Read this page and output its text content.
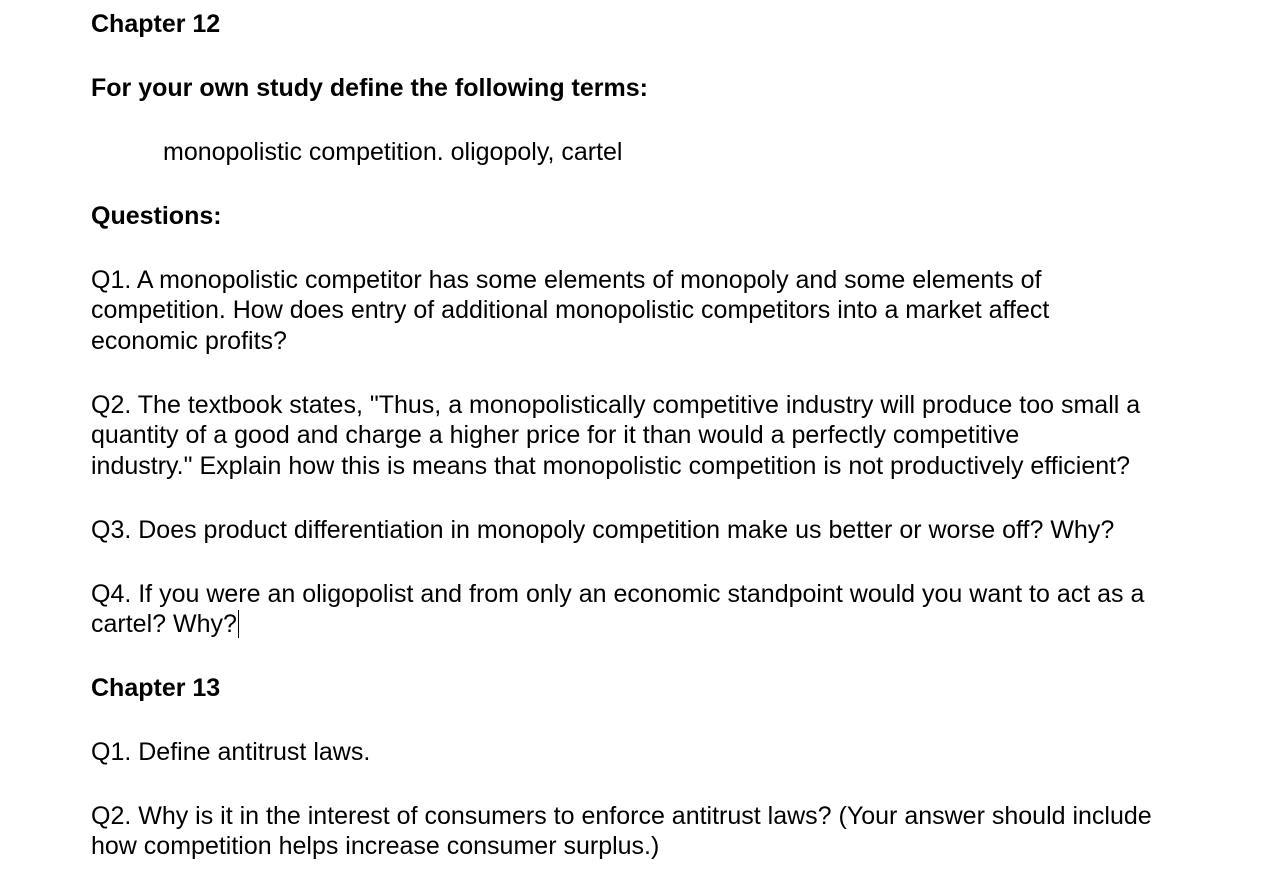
Chapter 12
For your own study define the following terms:
monopolistic competition. oligopoly, cartel
Questions:
Q1. A monopolistic competitor has some elements of monopoly and some elements of
competition. How does entry of additional monopolistic competitors into a market affect
economic profits?
Q2. The textbook states, "Thus, a monopolistically competitive industry will produce too small a
quantity of a good and charge a higher price for it than would a perfectly competitive
industry." Explain how this is means that monopolistic competition is not productively efficient?
Q3. Does product differentiation in monopoly competition make us better or worse off? Why?
Q4. If you were an oligopolist and from only an economic standpoint would you want to act as a
cartel? Why?
Chapter 13
Q1. Define antitrust laws.
Q2. Why is it in the interest of consumers to enforce antitrust laws? (Your answer should include
how competition helps increase consumer surplus.)
